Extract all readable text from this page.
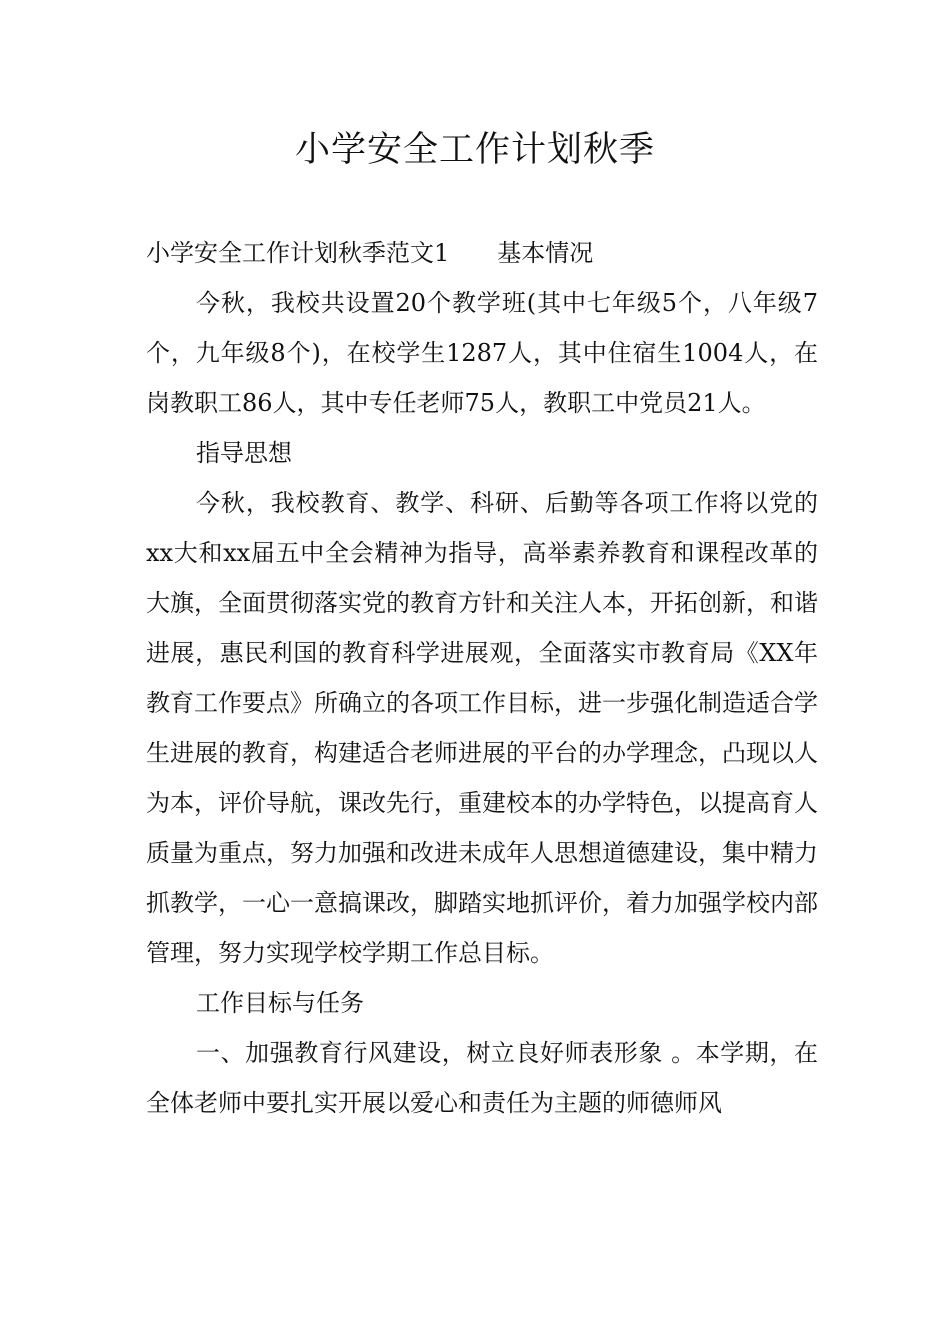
小学安全工作计划秋季

小学安全工作计划秋季范文1 基本情况

今秋，我校共设置20个教学班(其中七年级5个，八年级7个，九年级8个)，在校学生1287人，其中住宿生1004人，在岗教职工86人，其中专任老师75人，教职工中党员21人。

指导思想

今秋，我校教育、教学、科研、后勤等各项工作将以党的xx大和xx届五中全会精神为指导，高举素养教育和课程改革的大旗，全面贯彻落实党的教育方针和关注人本，开拓创新，和谐进展，惠民利国的教育科学进展观，全面落实市教育局《XX年教育工作要点》所确立的各项工作目标，进一步强化制造适合学生进展的教育，构建适合老师进展的平台的办学理念，凸现以人为本，评价导航，课改先行，重建校本的办学特色，以提高育人质量为重点，努力加强和改进未成年人思想道德建设，集中精力抓教学，一心一意搞课改，脚踏实地抓评价，着力加强学校内部管理，努力实现学校学期工作总目标。

工作目标与任务

一、加强教育行风建设，树立良好师表形象 。本学期，在全体老师中要扎实开展以爱心和责任为主题的师德师风
